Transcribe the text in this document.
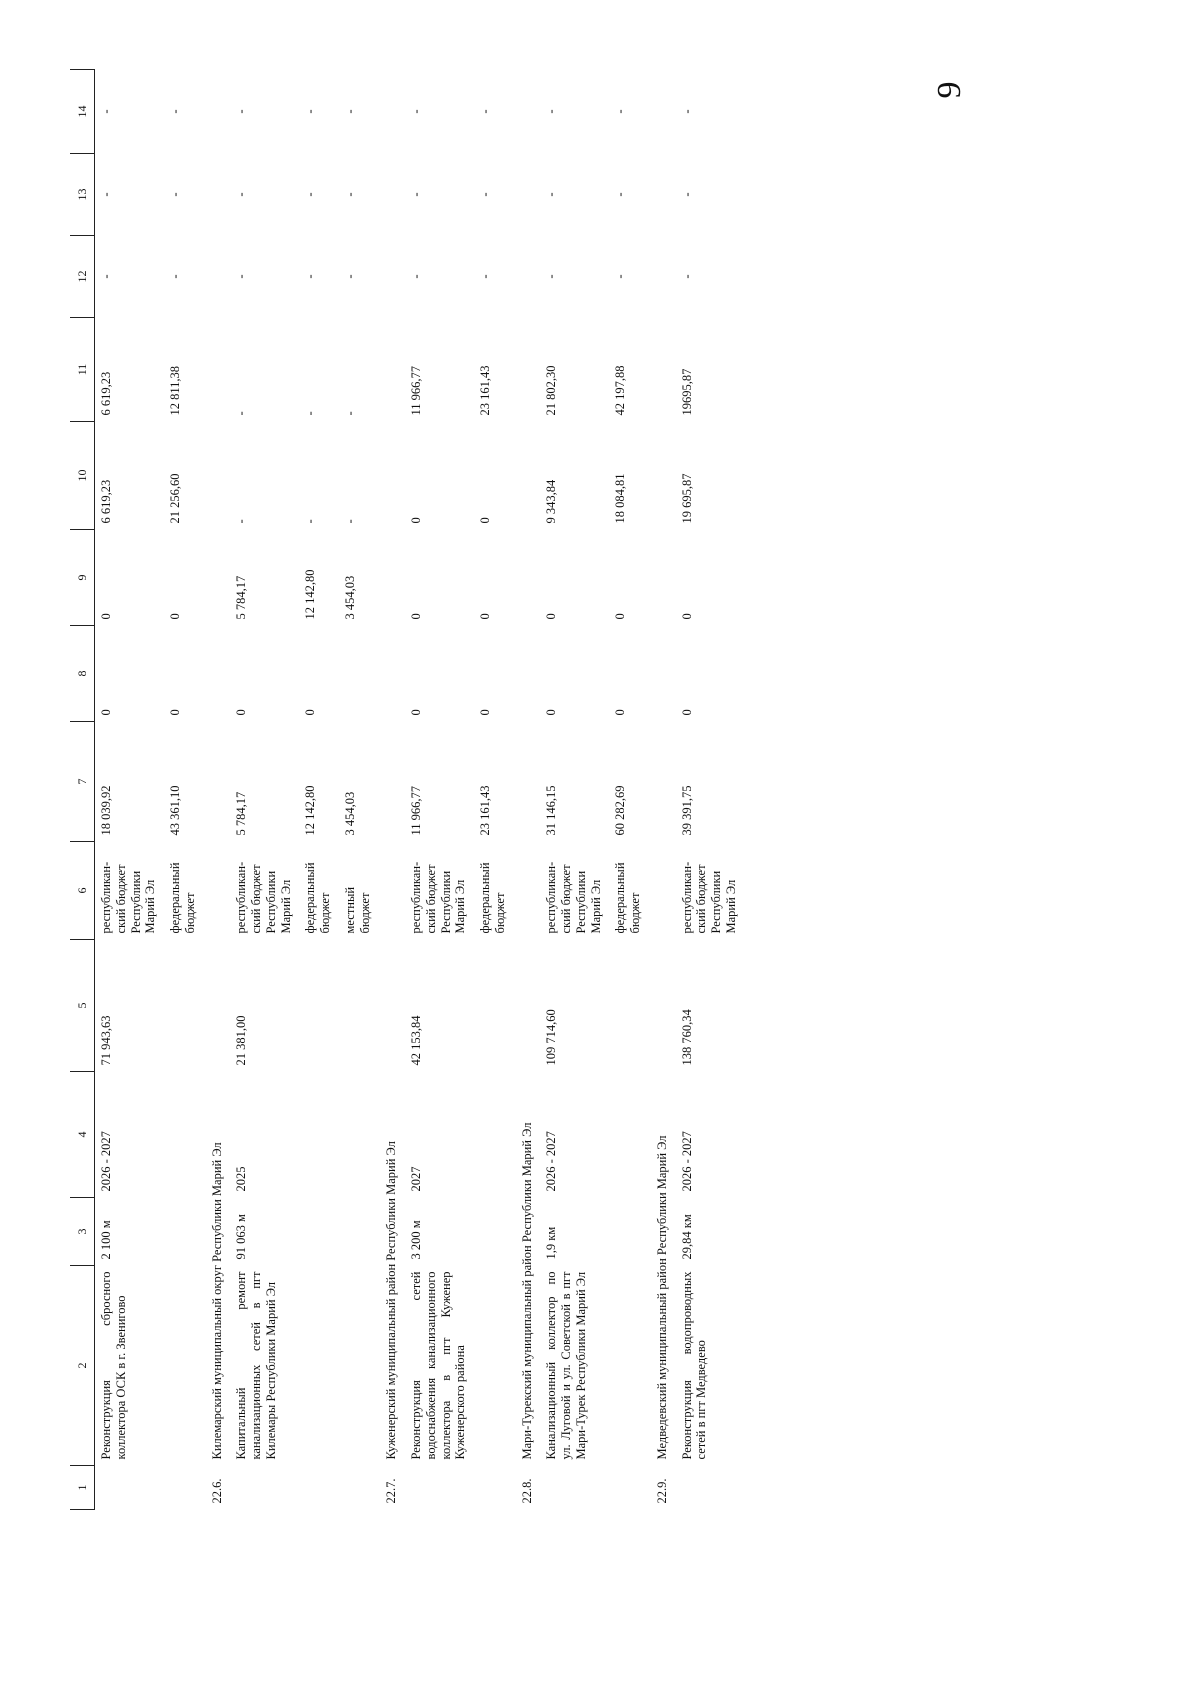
9
1	2	3	4	5	6	7	8	9	10	11	12	13	14
	Реконструкция сбросного коллектора ОСК в г. Звенигово	2 100 м	2026 - 2027	71 943,63	республикан-ский бюджет Республики Марий Эл	18 039,92	0	0	6 619,23	6 619,23	-	-	-
					федеральный бюджет	43 361,10	0	0	21 256,60	12 811,38	-	-	-
22.6.	Килемарский муниципальный округ Республики Марий Эл												
	Капитальный ремонт канализационных сетей в пгт Килемары Республики Марий Эл	91 063 м	2025	21 381,00	республикан-ский бюджет Республики Марий Эл	5 784,17	0	5 784,17	-	-	-	-	-
					федеральный бюджет	12 142,80	0	12 142,80	-	-	-	-	-
					местный бюджет	3 454,03		3 454,03	-	-	-	-	-
22.7.	Куженерский муниципальный район Республики Марий Эл												
	Реконструкция сетей водоснабжения канализационного коллектора в пгт Куженер Куженерского района	3 200 м	2027	42 153,84	республикан-ский бюджет Республики Марий Эл	11 966,77	0	0	0	11 966,77	-	-	-
					федеральный бюджет	23 161,43	0	0	0	23 161,43	-	-	-
22.8.	Мари-Турекский муниципальный район Республики Марий Эл												
	Канализационный коллектор по ул. Луговой и ул. Советской в пгт Мари-Турек Республики Марий Эл	1,9 км	2026 - 2027	109 714,60	республикан-ский бюджет Республики Марий Эл	31 146,15	0	0	9 343,84	21 802,30	-	-	-
					федеральный бюджет	60 282,69	0	0	18 084,81	42 197,88	-	-	-
22.9.	Медведевский муниципальный район Республики Марий Эл												
	Реконструкция водопроводных сетей в пгт Медведево	29,84 км	2026 - 2027	138 760,34	республикан-ский бюджет Республики Марий Эл	39 391,75	0	0	19 695,87	19695,87	-	-	-
